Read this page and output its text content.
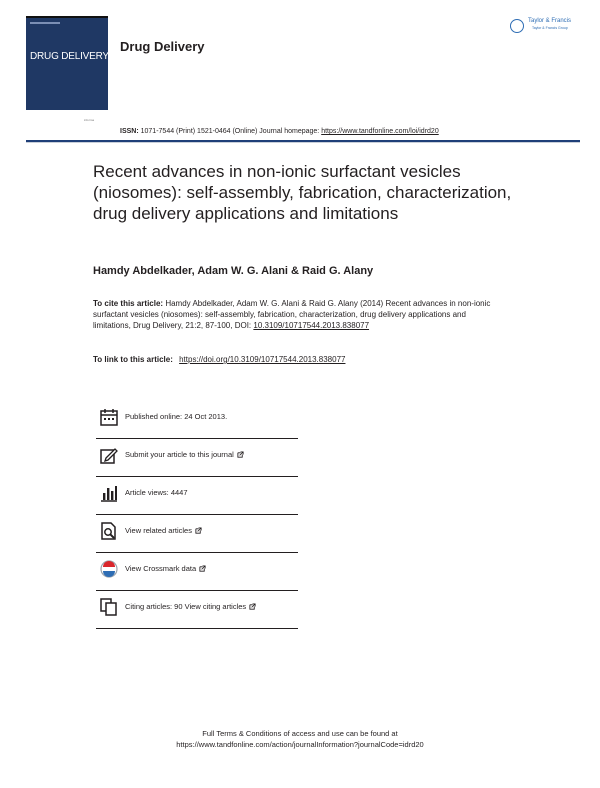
DRUG DELIVERY
informa
Drug Delivery
Taylor & Francis
Taylor & Francis Group
ISSN: 1071-7544 (Print) 1521-0464 (Online) Journal homepage: https://www.tandfonline.com/loi/idrd20
Recent advances in non-ionic surfactant vesicles (niosomes): self-assembly, fabrication, characterization, drug delivery applications and limitations
Hamdy Abdelkader, Adam W. G. Alani & Raid G. Alany
To cite this article: Hamdy Abdelkader, Adam W. G. Alani & Raid G. Alany (2014) Recent advances in non-ionic surfactant vesicles (niosomes): self-assembly, fabrication, characterization, drug delivery applications and limitations, Drug Delivery, 21:2, 87-100, DOI: 10.3109/10717544.2013.838077
To link to this article: https://doi.org/10.3109/10717544.2013.838077
Published online: 24 Oct 2013.
Submit your article to this journal
Article views: 4447
View related articles
View Crossmark data
Citing articles: 90 View citing articles
Full Terms & Conditions of access and use can be found at
https://www.tandfonline.com/action/journalInformation?journalCode=idrd20
